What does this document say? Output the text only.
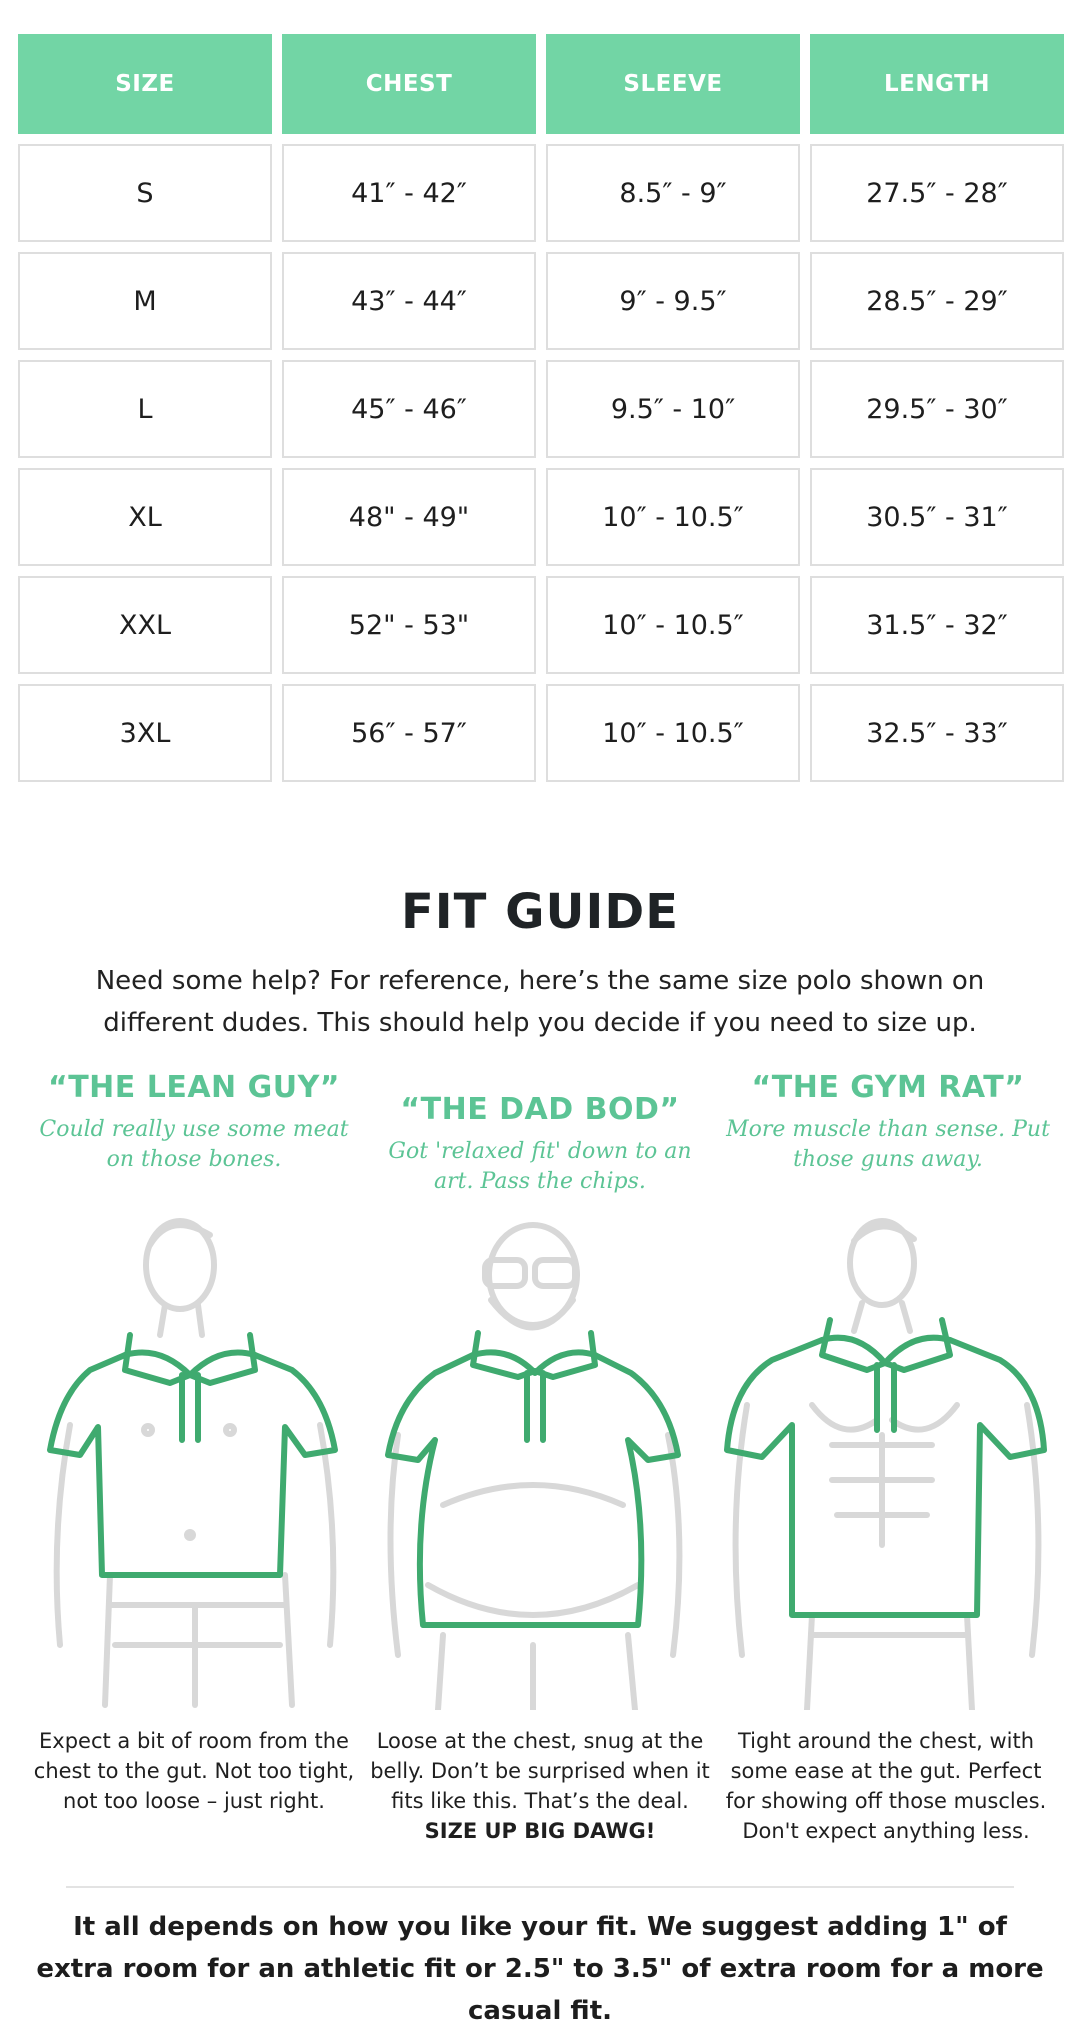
SIZE	CHEST	SLEEVE	LENGTH
S	41″ - 42″	8.5″ - 9″	27.5″ - 28″
M	43″ - 44″	9″ - 9.5″	28.5″ - 29″
L	45″ - 46″	9.5″ - 10″	29.5″ - 30″
XL	48" - 49"	10″ - 10.5″	30.5″ - 31″
XXL	52" - 53"	10″ - 10.5″	31.5″ - 32″
3XL	56″ - 57″	10″ - 10.5″	32.5″ - 33″
FIT GUIDE
Need some help? For reference, here’s the same size polo shown on different dudes. This should help you decide if you need to size up.
“THE LEAN GUY”
Could really use some meat on those bones.
“THE DAD BOD”
Got 'relaxed fit' down to an art. Pass the chips.
“THE GYM RAT”
More muscle than sense. Put those guns away.
Expect a bit of room from the chest to the gut. Not too tight, not too loose – just right.
Loose at the chest, snug at the belly. Don’t be surprised when it fits like this. That’s the deal.
SIZE UP BIG DAWG!
Tight around the chest, with some ease at the gut. Perfect for showing off those muscles. Don't expect anything less.
It all depends on how you like your fit. We suggest adding 1" of extra room for an athletic fit or 2.5" to 3.5" of extra room for a more casual fit.
